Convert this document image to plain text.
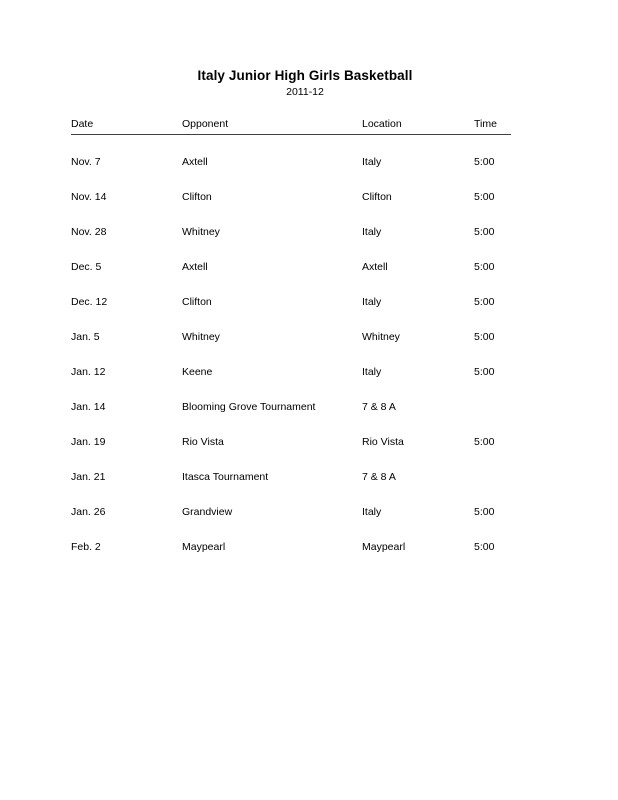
Italy Junior High Girls Basketball
2011-12
Date	Opponent	Location	Time
Nov. 7	Axtell	Italy	5:00
Nov. 14	Clifton	Clifton	5:00
Nov. 28	Whitney	Italy	5:00
Dec. 5	Axtell	Axtell	5:00
Dec. 12	Clifton	Italy	5:00
Jan. 5	Whitney	Whitney	5:00
Jan. 12	Keene	Italy	5:00
Jan. 14	Blooming Grove Tournament	7 & 8 A	
Jan. 19	Rio Vista	Rio Vista	5:00
Jan. 21	Itasca Tournament	7 & 8 A	
Jan. 26	Grandview	Italy	5:00
Feb. 2	Maypearl	Maypearl	5:00
